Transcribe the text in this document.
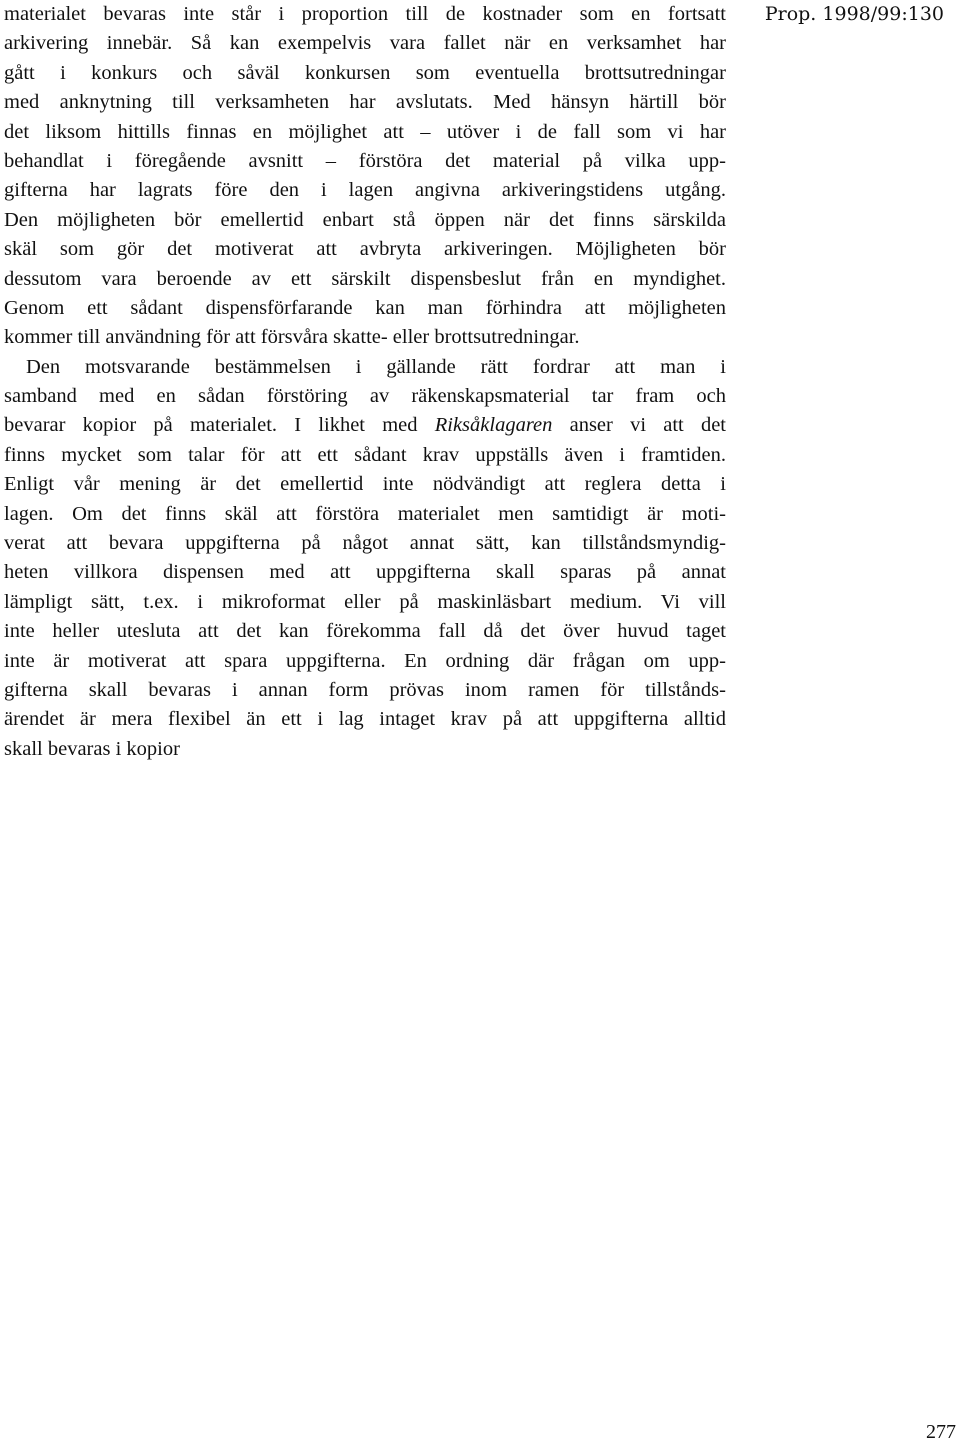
materialet bevaras inte står i proportion till de kostnader som en fortsatt
arkivering innebär. Så kan exempelvis vara fallet när en verksamhet har
gått i konkurs och såväl konkursen som eventuella brottsutredningar
med anknytning till verksamheten har avslutats. Med hänsyn härtill bör
det liksom hittills finnas en möjlighet att – utöver i de fall som vi har
behandlat i föregående avsnitt – förstöra det material på vilka upp-
gifterna har lagrats före den i lagen angivna arkiveringstidens utgång.
Den möjligheten bör emellertid enbart stå öppen när det finns särskilda
skäl som gör det motiverat att avbryta arkiveringen. Möjligheten bör
dessutom vara beroende av ett särskilt dispensbeslut från en myndighet.
Genom ett sådant dispensförfarande kan man förhindra att möjligheten
kommer till användning för att försvåra skatte- eller brottsutredningar.
Den motsvarande bestämmelsen i gällande rätt fordrar att man i
samband med en sådan förstöring av räkenskapsmaterial tar fram och
bevarar kopior på materialet. I likhet med Riksåklagaren anser vi att det
finns mycket som talar för att ett sådant krav uppställs även i framtiden.
Enligt vår mening är det emellertid inte nödvändigt att reglera detta i
lagen. Om det finns skäl att förstöra materialet men samtidigt är moti-
verat att bevara uppgifterna på något annat sätt, kan tillståndsmyndig-
heten villkora dispensen med att uppgifterna skall sparas på annat
lämpligt sätt, t.ex. i mikroformat eller på maskinläsbart medium. Vi vill
inte heller utesluta att det kan förekomma fall då det över huvud taget
inte är motiverat att spara uppgifterna. En ordning där frågan om upp-
gifterna skall bevaras i annan form prövas inom ramen för tillstånds-
ärendet är mera flexibel än ett i lag intaget krav på att uppgifterna alltid
skall bevaras i kopior
Prop. 1998/99:130
277
